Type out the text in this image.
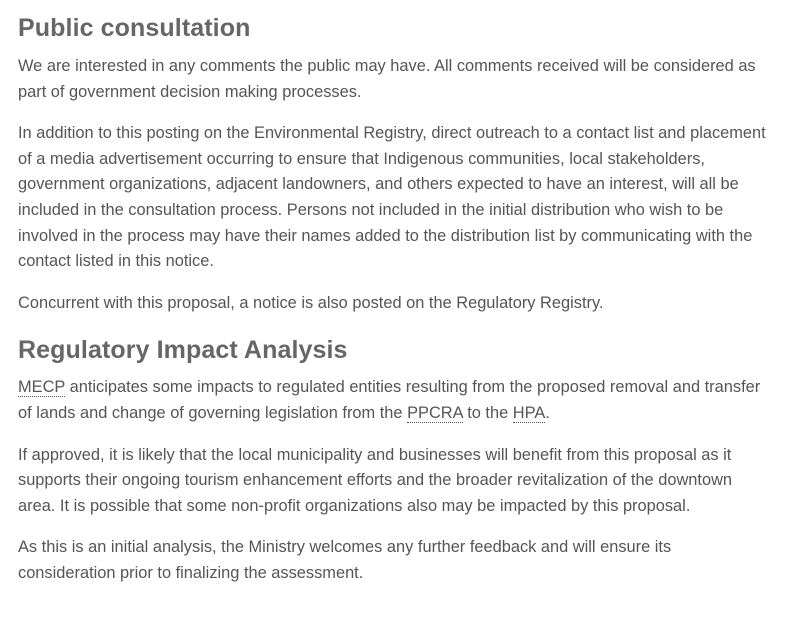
Public consultation

We are interested in any comments the public may have. All comments received will be considered as part of government decision making processes.

In addition to this posting on the Environmental Registry, direct outreach to a contact list and placement of a media advertisement occurring to ensure that Indigenous communities, local stakeholders, government organizations, adjacent landowners, and others expected to have an interest, will all be included in the consultation process. Persons not included in the initial distribution who wish to be involved in the process may have their names added to the distribution list by communicating with the contact listed in this notice.

Concurrent with this proposal, a notice is also posted on the Regulatory Registry.

Regulatory Impact Analysis

MECP anticipates some impacts to regulated entities resulting from the proposed removal and transfer of lands and change of governing legislation from the PPCRA to the HPA.

If approved, it is likely that the local municipality and businesses will benefit from this proposal as it supports their ongoing tourism enhancement efforts and the broader revitalization of the downtown area. It is possible that some non-profit organizations also may be impacted by this proposal.

As this is an initial analysis, the Ministry welcomes any further feedback and will ensure its consideration prior to finalizing the assessment.
